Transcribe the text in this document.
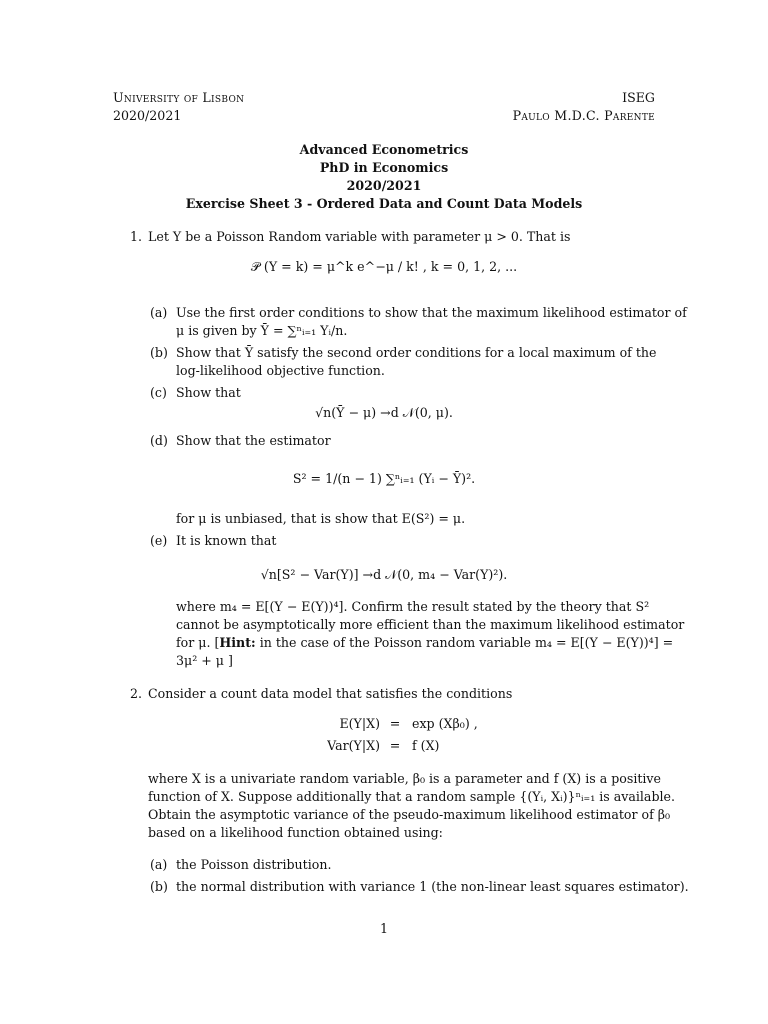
University of Lisbon
2020/2021
ISEG
Paulo M.D.C. Parente
Advanced Econometrics
PhD in Economics
2020/2021
Exercise Sheet 3 - Ordered Data and Count Data Models
1. Let Y be a Poisson Random variable with parameter μ > 0. That is
𝒫 (Y = k) = μ^k e^−μ / k! , k = 0, 1, 2, ...
(a) Use the first order conditions to show that the maximum likelihood estimator of
μ is given by Ȳ = ∑ⁿᵢ₌₁ Yᵢ/n.
(b) Show that Ȳ satisfy the second order conditions for a local maximum of the
log-likelihood objective function.
(c) Show that
√n(Ȳ − μ) →d 𝒩(0, μ).
(d) Show that the estimator
S² = 1/(n − 1) ∑ⁿᵢ₌₁ (Yᵢ − Ȳ)².
for μ is unbiased, that is show that E(S²) = μ.
(e) It is known that
√n[S² − Var(Y)] →d 𝒩(0, m₄ − Var(Y)²).
where m₄ = E[(Y − E(Y))⁴]. Confirm the result stated by the theory that S²
cannot be asymptotically more efficient than the maximum likelihood estimator
for μ. [Hint: in the case of the Poisson random variable m₄ = E[(Y − E(Y))⁴] =
3μ² + μ ]
2. Consider a count data model that satisfies the conditions
E(Y|X) = exp (Xβ₀) ,
Var(Y|X) = f (X)
where X is a univariate random variable, β₀ is a parameter and f (X) is a positive
function of X. Suppose additionally that a random sample {(Yᵢ, Xᵢ)}ⁿᵢ₌₁ is available.
Obtain the asymptotic variance of the pseudo-maximum likelihood estimator of β₀
based on a likelihood function obtained using:
(a) the Poisson distribution.
(b) the normal distribution with variance 1 (the non-linear least squares estimator).
1
